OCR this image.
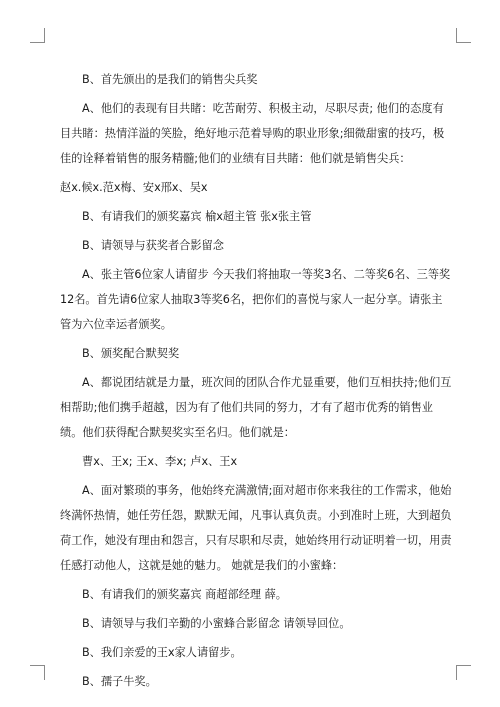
B、首先颁出的是我们的销售尖兵奖

A、他们的表现有目共睹：吃苦耐劳、积极主动，尽职尽责; 他们的态度有目共睹：热情洋溢的笑脸，绝好地示范着导购的职业形象;细微甜蜜的技巧，极佳的诠释着销售的服务精髓;他们的业绩有目共睹：他们就是销售尖兵：

赵x.候x.范x梅、安x邢x、吴x

B、有请我们的颁奖嘉宾 榆x超主管 张x张主管

B、请领导与获奖者合影留念

A、张主管6位家人请留步 今天我们将抽取一等奖3名、二等奖6名、三等奖12名。首先请6位家人抽取3等奖6名，把你们的喜悦与家人一起分享。请张主管为六位幸运者颁奖。

B、颁奖配合默契奖

A、都说团结就是力量，班次间的团队合作尤显重要，他们互相扶持;他们互相帮助;他们携手超越，因为有了他们共同的努力，才有了超市优秀的销售业绩。他们获得配合默契奖实至名归。他们就是：

曹x、王x; 王x、李x; 卢x、王x

A、面对繁琐的事务，他始终充满激情;面对超市你来我往的工作需求，他始终满怀热情，她任劳任怨，默默无闻，凡事认真负责。小到准时上班，大到超负荷工作，她没有理由和怨言，只有尽职和尽责，她始终用行动证明着一切，用责任感打动他人，这就是她的魅力。 她就是我们的小蜜蜂：

B、有请我们的颁奖嘉宾 商超部经理 薛。

B、请领导与我们辛勤的小蜜蜂合影留念 请领导回位。

B、我们亲爱的王x家人请留步。

B、孺子牛奖。
